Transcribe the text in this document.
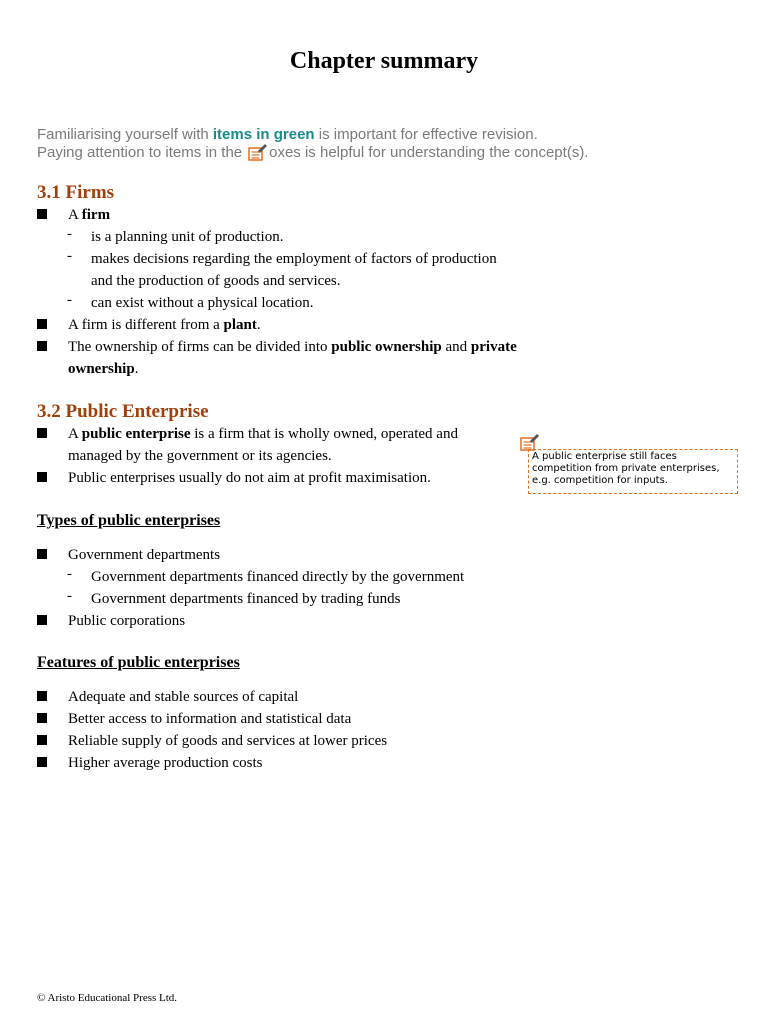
Chapter summary
Familiarising yourself with items in green is important for effective revision.
Paying attention to items in the oxes is helpful for understanding the concept(s).
3.1 Firms
A firm
- is a planning unit of production.
- makes decisions regarding the employment of factors of production
and the production of goods and services.
- can exist without a physical location.
A firm is different from a plant.
The ownership of firms can be divided into public ownership and private
ownership.
3.2 Public Enterprise
A public enterprise is a firm that is wholly owned, operated and
managed by the government or its agencies.
Public enterprises usually do not aim at profit maximisation.
A public enterprise still faces
competition from private enterprises,
e.g. competition for inputs.
Types of public enterprises
Government departments
- Government departments financed directly by the government
- Government departments financed by trading funds
Public corporations
Features of public enterprises
Adequate and stable sources of capital
Better access to information and statistical data
Reliable supply of goods and services at lower prices
Higher average production costs
© Aristo Educational Press Ltd.
